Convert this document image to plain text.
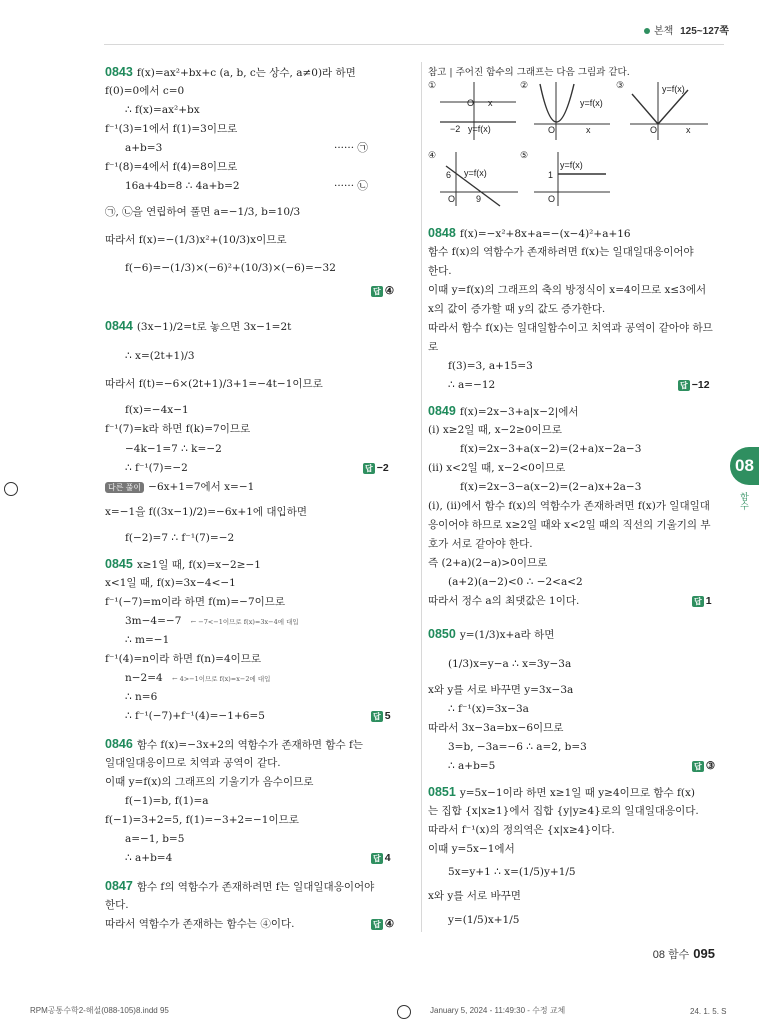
본책 125~127쪽
08
함수
0843 f(x)=ax²+bx+c (a, b, c는 상수, a≠0)라 하면
f(0)=0에서 c=0
∴ f(x)=ax²+bx
f⁻¹(3)=1에서 f(1)=3이므로
a+b=3	······ ㉠
f⁻¹(8)=4에서 f(4)=8이므로
16a+4b=8 ∴ 4a+b=2	······ ㉡
㉠, ㉡을 연립하여 풀면 a=−1/3, b=10/3
따라서 f(x)=−(1/3)x²+(10/3)x이므로
f(−6)=−(1/3)×(−6)²+(10/3)×(−6)=−32
답 ④
0844 (3x−1)/2=t로 놓으면 3x−1=2t
∴ x=(2t+1)/3
따라서 f(t)=−6×(2t+1)/3+1=−4t−1이므로
f(x)=−4x−1
f⁻¹(7)=k라 하면 f(k)=7이므로
−4k−1=7 ∴ k=−2
∴ f⁻¹(7)=−2	답 −2
다른 풀이 −6x+1=7에서 x=−1
x=−1을 f((3x−1)/2)=−6x+1에 대입하면
f(−2)=7 ∴ f⁻¹(7)=−2
0845 x≥1일 때, f(x)=x−2≥−1
x<1일 때, f(x)=3x−4<−1
f⁻¹(−7)=m이라 하면 f(m)=−7이므로
3m−4=−7 ← −7<−1이므로 f(x)=3x−4에 대입
∴ m=−1
f⁻¹(4)=n이라 하면 f(n)=4이므로
n−2=4 ← 4>−1이므로 f(x)=x−2에 대입
∴ n=6
∴ f⁻¹(−7)+f⁻¹(4)=−1+6=5	답 5
0846 함수 f(x)=−3x+2의 역함수가 존재하면 함수 f는
일대일대응이므로 치역과 공역이 같다.
이때 y=f(x)의 그래프의 기울기가 음수이므로
f(−1)=b, f(1)=a
f(−1)=3+2=5, f(1)=−3+2=−1이므로
a=−1, b=5
∴ a+b=4	답 4
0847 함수 f의 역함수가 존재하려면 f는 일대일대응이어야
한다.
따라서 역함수가 존재하는 함수는 ④이다.	답 ④
참고 | 주어진 함수의 그래프는 다음 그림과 같다.
①
O x
−2 y=f(x)
②
O	x
y=f(x)
③
O	x
y=f(x)
④
6
9
O
y=f(x)
⑤
O
1
y=f(x)
0848 f(x)=−x²+8x+a=−(x−4)²+a+16
함수 f(x)의 역함수가 존재하려면 f(x)는 일대일대응이어야
한다.
이때 y=f(x)의 그래프의 축의 방정식이 x=4이므로 x≤3에서
x의 값이 증가할 때 y의 값도 증가한다.
따라서 함수 f(x)는 일대일함수이고 치역과 공역이 같아야 하므
로
f(3)=3, a+15=3
∴ a=−12	답 −12
0849 f(x)=2x−3+a|x−2|에서
(i) x≥2일 때, x−2≥0이므로
f(x)=2x−3+a(x−2)=(2+a)x−2a−3
(ii) x<2일 때, x−2<0이므로
f(x)=2x−3−a(x−2)=(2−a)x+2a−3
(i), (ii)에서 함수 f(x)의 역함수가 존재하려면 f(x)가 일대일대
응이어야 하므로 x≥2일 때와 x<2일 때의 직선의 기울기의 부
호가 서로 같아야 한다.
즉 (2+a)(2−a)>0이므로
(a+2)(a−2)<0 ∴ −2<a<2
따라서 정수 a의 최댓값은 1이다.	답 1
0850 y=(1/3)x+a라 하면
(1/3)x=y−a ∴ x=3y−3a
x와 y를 서로 바꾸면 y=3x−3a
∴ f⁻¹(x)=3x−3a
따라서 3x−3a=bx−6이므로
3=b, −3a=−6 ∴ a=2, b=3
∴ a+b=5	답 ③
0851 y=5x−1이라 하면 x≥1일 때 y≥4이므로 함수 f(x)
는 집합 {x|x≥1}에서 집합 {y|y≥4}로의 일대일대응이다.
따라서 f⁻¹(x)의 정의역은 {x|x≥4}이다.
이때 y=5x−1에서
5x=y+1 ∴ x=(1/5)y+1/5
x와 y를 서로 바꾸면
y=(1/5)x+1/5
08 함수 095
RPM공통수학2-해설(088-105)8.indd 95	January 5, 2024 - 11:49:30 - 수정 교체	24. 1. 5. S
